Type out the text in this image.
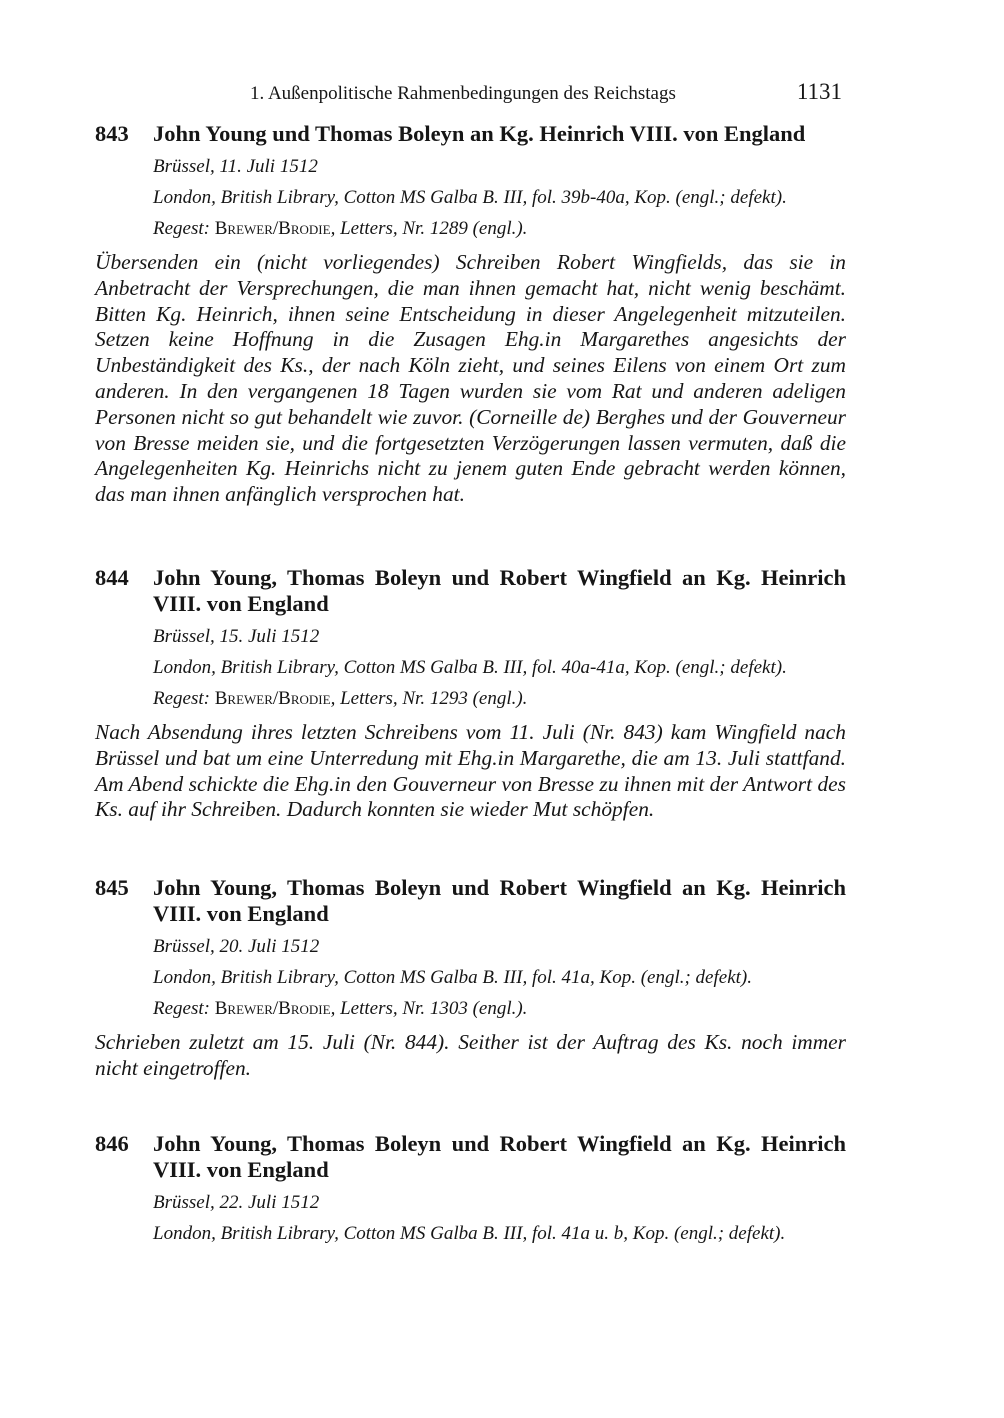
1. Außenpolitische Rahmenbedingungen des Reichstags	1131
843	John Young und Thomas Boleyn an Kg. Heinrich VIII. von England
Brüssel, 11. Juli 1512
London, British Library, Cotton MS Galba B. III, fol. 39b-40a, Kop. (engl.; defekt).
Regest: Brewer/Brodie, Letters, Nr. 1289 (engl.).
Übersenden ein (nicht vorliegendes) Schreiben Robert Wingfields, das sie in Anbetracht der Versprechungen, die man ihnen gemacht hat, nicht wenig beschämt. Bitten Kg. Heinrich, ihnen seine Entscheidung in dieser Angelegenheit mitzuteilen. Setzen keine Hoffnung in die Zusagen Ehg.in Margarethes angesichts der Unbeständigkeit des Ks., der nach Köln zieht, und seines Eilens von einem Ort zum anderen. In den vergangenen 18 Tagen wurden sie vom Rat und anderen adeligen Personen nicht so gut behandelt wie zuvor. (Corneille de) Berghes und der Gouverneur von Bresse meiden sie, und die fortgesetzten Verzögerungen lassen vermuten, daß die Angelegenheiten Kg. Heinrichs nicht zu jenem guten Ende gebracht werden können, das man ihnen anfänglich versprochen hat.
844	John Young, Thomas Boleyn und Robert Wingfield an Kg. Heinrich VIII. von England
Brüssel, 15. Juli 1512
London, British Library, Cotton MS Galba B. III, fol. 40a-41a, Kop. (engl.; defekt).
Regest: Brewer/Brodie, Letters, Nr. 1293 (engl.).
Nach Absendung ihres letzten Schreibens vom 11. Juli (Nr. 843) kam Wingfield nach Brüssel und bat um eine Unterredung mit Ehg.in Margarethe, die am 13. Juli stattfand. Am Abend schickte die Ehg.in den Gouverneur von Bresse zu ihnen mit der Antwort des Ks. auf ihr Schreiben. Dadurch konnten sie wieder Mut schöpfen.
845	John Young, Thomas Boleyn und Robert Wingfield an Kg. Heinrich VIII. von England
Brüssel, 20. Juli 1512
London, British Library, Cotton MS Galba B. III, fol. 41a, Kop. (engl.; defekt).
Regest: Brewer/Brodie, Letters, Nr. 1303 (engl.).
Schrieben zuletzt am 15. Juli (Nr. 844). Seither ist der Auftrag des Ks. noch immer nicht eingetroffen.
846	John Young, Thomas Boleyn und Robert Wingfield an Kg. Heinrich VIII. von England
Brüssel, 22. Juli 1512
London, British Library, Cotton MS Galba B. III, fol. 41a u. b, Kop. (engl.; defekt).
